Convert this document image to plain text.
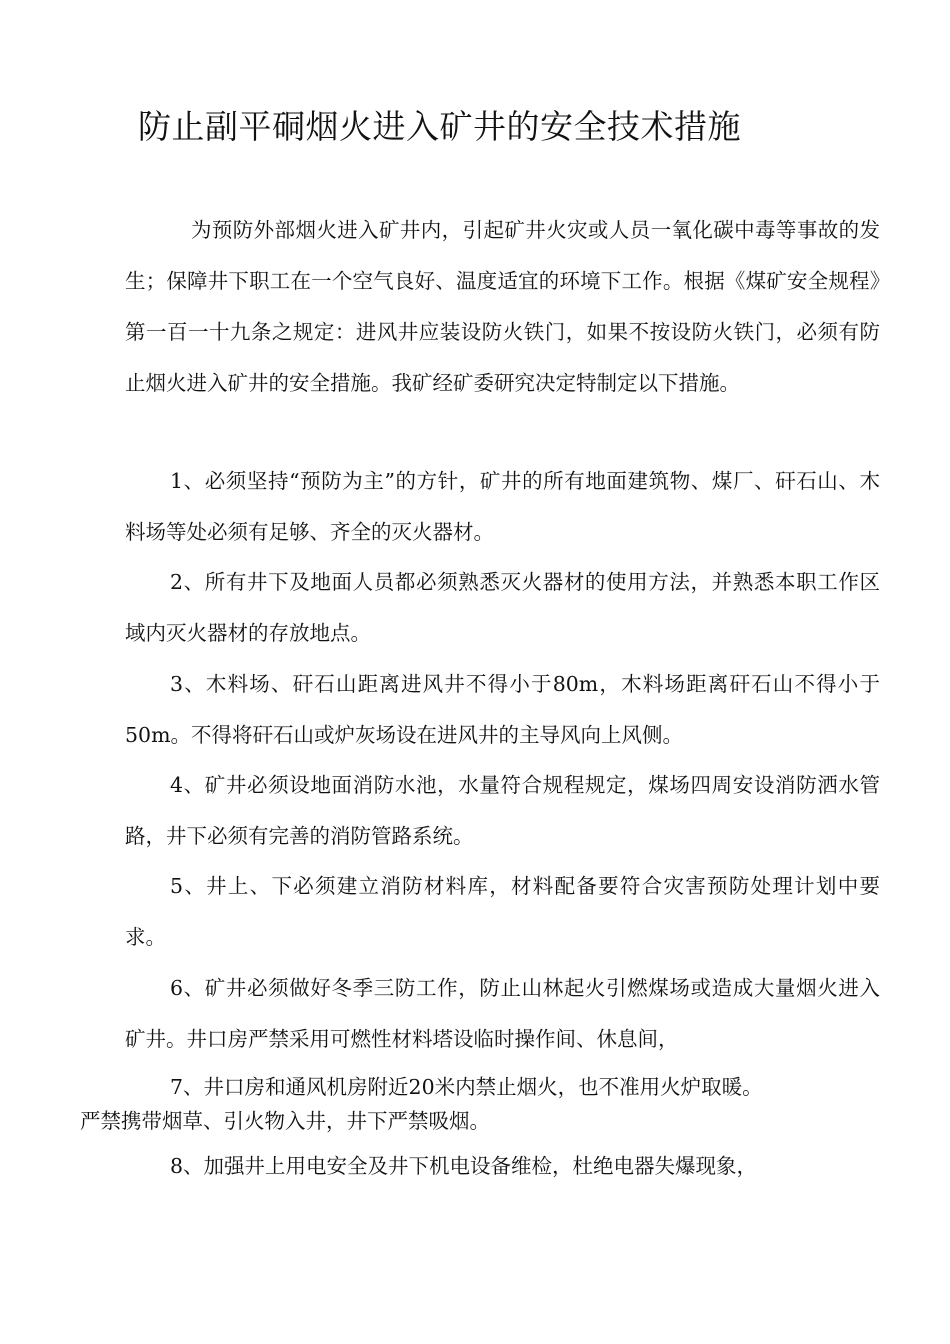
防止副平硐烟火进入矿井的安全技术措施

为预防外部烟火进入矿井内，引起矿井火灾或人员一氧化碳中毒等事故的发生；保障井下职工在一个空气良好、温度适宜的环境下工作。根据《煤矿安全规程》第一百一十九条之规定：进风井应装设防火铁门，如果不按设防火铁门，必须有防止烟火进入矿井的安全措施。我矿经矿委研究决定特制定以下措施。

1、必须坚持“预防为主”的方针，矿井的所有地面建筑物、煤厂、矸石山、木料场等处必须有足够、齐全的灭火器材。

2、所有井下及地面人员都必须熟悉灭火器材的使用方法，并熟悉本职工作区域内灭火器材的存放地点。

3、木料场、矸石山距离进风井不得小于80m，木料场距离矸石山不得小于50m。不得将矸石山或炉灰场设在进风井的主导风向上风侧。

4、矿井必须设地面消防水池，水量符合规程规定，煤场四周安设消防洒水管路，井下必须有完善的消防管路系统。

5、井上、下必须建立消防材料库，材料配备要符合灾害预防处理计划中要求。

6、矿井必须做好冬季三防工作，防止山林起火引燃煤场或造成大量烟火进入矿井。井口房严禁采用可燃性材料塔设临时操作间、休息间，

7、井口房和通风机房附近20米内禁止烟火，也不准用火炉取暖。
严禁携带烟草、引火物入井，井下严禁吸烟。

8、加强井上用电安全及井下机电设备维检，杜绝电器失爆现象，
